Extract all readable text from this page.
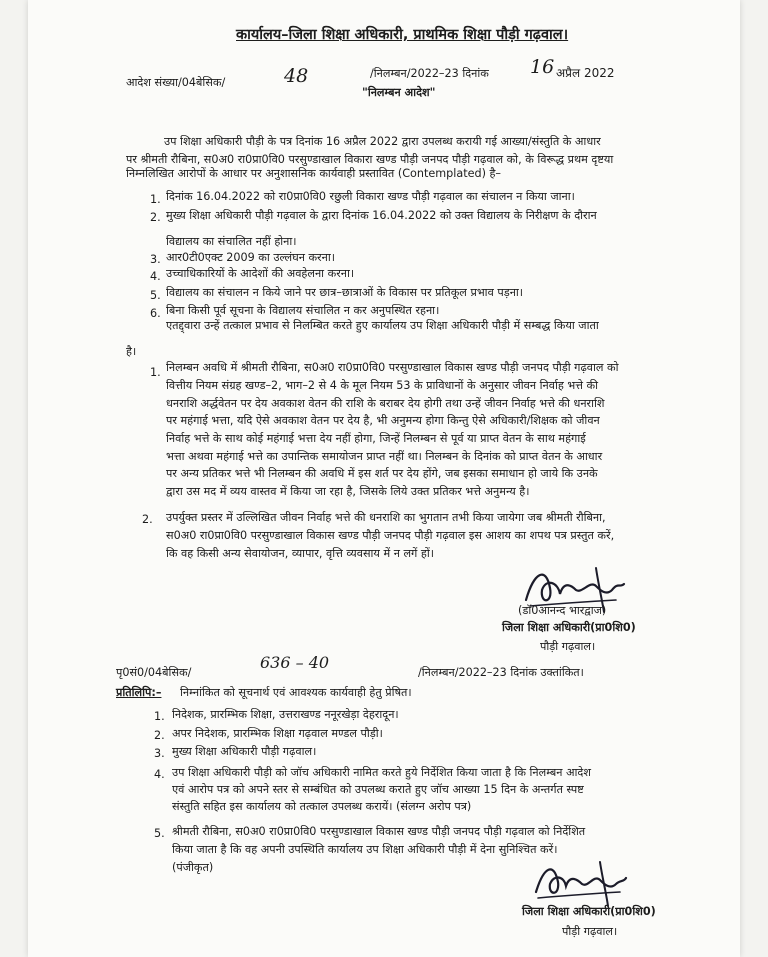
कार्यालय–जिला शिक्षा अधिकारी, प्राथमिक शिक्षा पौड़ी गढ़वाल।
आदेश संख्या/04बेसिक/	48	/निलम्बन/2022–23 दिनांक 16 अप्रैल 2022
"निलम्बन आदेश"
उप शिक्षा अधिकारी पौड़ी के पत्र दिनांक 16 अप्रैल 2022 द्वारा उपलब्ध करायी गई आख्या/संस्तुति के आधार
पर श्रीमती रौबिना, स0अ0 रा0प्रा0वि0 परसुण्डाखाल विकारा खण्ड पौड़ी जनपद पौड़ी गढ़वाल को, के विरूद्ध प्रथम दृष्टया
निम्नलिखित आरोपों के आधार पर अनुशासनिक कार्यवाही प्रस्तावित (Contemplated) है–
1. दिनांक 16.04.2022 को रा0प्रा0वि0 रछुली विकारा खण्ड पौड़ी गढ़वाल का संचालन न किया जाना।
2. मुख्य शिक्षा अधिकारी पौड़ी गढ़वाल के द्वारा दिनांक 16.04.2022 को उक्त विद्यालय के निरीक्षण के दौरान
विद्यालय का संचालित नहीं होना।
3. आर0टी0एक्ट 2009 का उल्लंघन करना।
4. उच्चाधिकारियों के आदेशों की अवहेलना करना।
5. विद्यालय का संचालन न किये जाने पर छात्र–छात्राओं के विकास पर प्रतिकूल प्रभाव पड़ना।
6. बिना किसी पूर्व सूचना के विद्यालय संचालित न कर अनुपस्थित रहना।
एतद्द्वारा उन्हें तत्काल प्रभाव से निलम्बित करते हुए कार्यालय उप शिक्षा अधिकारी पौड़ी में सम्बद्ध किया जाता
है।
1. निलम्बन अवधि में श्रीमती रौबिना, स0अ0 रा0प्रा0वि0 परसुण्डाखाल विकास खण्ड पौड़ी जनपद पौड़ी गढ़वाल को
वित्तीय नियम संग्रह खण्ड–2, भाग–2 से 4 के मूल नियम 53 के प्राविधानों के अनुसार जीवन निर्वाह भत्ते की
धनराशि अर्द्धवेतन पर देय अवकाश वेतन की राशि के बराबर देय होगी तथा उन्हें जीवन निर्वाह भत्ते की धनराशि
पर महंगाई भत्ता, यदि ऐसे अवकाश वेतन पर देय है, भी अनुमन्य होगा किन्तु ऐसे अधिकारी/शिक्षक को जीवन
निर्वाह भत्ते के साथ कोई महंगाई भत्ता देय नहीं होगा, जिन्हें निलम्बन से पूर्व या प्राप्त वेतन के साथ महंगाई
भत्ता अथवा महंगाई भत्ते का उपान्तिक समायोजन प्राप्त नहीं था। निलम्बन के दिनांक को प्राप्त वेतन के आधार
पर अन्य प्रतिकर भत्ते भी निलम्बन की अवधि में इस शर्त पर देय होंगे, जब इसका समाधान हो जाये कि उनके
द्वारा उस मद में व्यय वास्तव में किया जा रहा है, जिसके लिये उक्त प्रतिकर भत्ते अनुमन्य है।
2. उपर्युक्त प्रस्तर में उल्लिखित जीवन निर्वाह भत्ते की धनराशि का भुगतान तभी किया जायेगा जब श्रीमती रौबिना,
स0अ0 रा0प्रा0वि0 परसुण्डाखाल विकास खण्ड पौड़ी जनपद पौड़ी गढ़वाल इस आशय का शपथ पत्र प्रस्तुत करें,
कि वह किसी अन्य सेवायोजन, व्यापार, वृत्ति व्यवसाय में न लगें हों।
(डॉ0आनन्द भारद्वाज)
जिला शिक्षा अधिकारी(प्रा0शि0)
पौड़ी गढ़वाल।
पृ0सं0/04बेसिक/
636 – 40
/निलम्बन/2022–23 दिनांक उक्तांकित।
प्रतिलिपि:– निम्नांकित को सूचनार्थ एवं आवश्यक कार्यवाही हेतु प्रेषित।
1. निदेशक, प्रारम्भिक शिक्षा, उत्तराखण्ड ननूरखेड़ा देहरादून।
2. अपर निदेशक, प्रारम्भिक शिक्षा गढ़वाल मण्डल पौड़ी।
3. मुख्य शिक्षा अधिकारी पौड़ी गढ़वाल।
4. उप शिक्षा अधिकारी पौड़ी को जॉच अधिकारी नामित करते हुये निर्देशित किया जाता है कि निलम्बन आदेश
एवं आरोप पत्र को अपने स्तर से सम्बंधित को उपलब्ध कराते हुए जॉच आख्या 15 दिन के अन्तर्गत स्पष्ट
संस्तुति सहित इस कार्यालय को तत्काल उपलब्ध करायें। (संलग्न अरोप पत्र)
5. श्रीमती रौबिना, स0अ0 रा0प्रा0वि0 परसुण्डाखाल विकास खण्ड पौड़ी जनपद पौड़ी गढ़वाल को निर्देशित
किया जाता है कि वह अपनी उपस्थिति कार्यालय उप शिक्षा अधिकारी पौड़ी में देना सुनिश्चित करें।
(पंजीकृत)
जिला शिक्षा अधिकारी(प्रा0शि0)
पौड़ी गढ़वाल।
